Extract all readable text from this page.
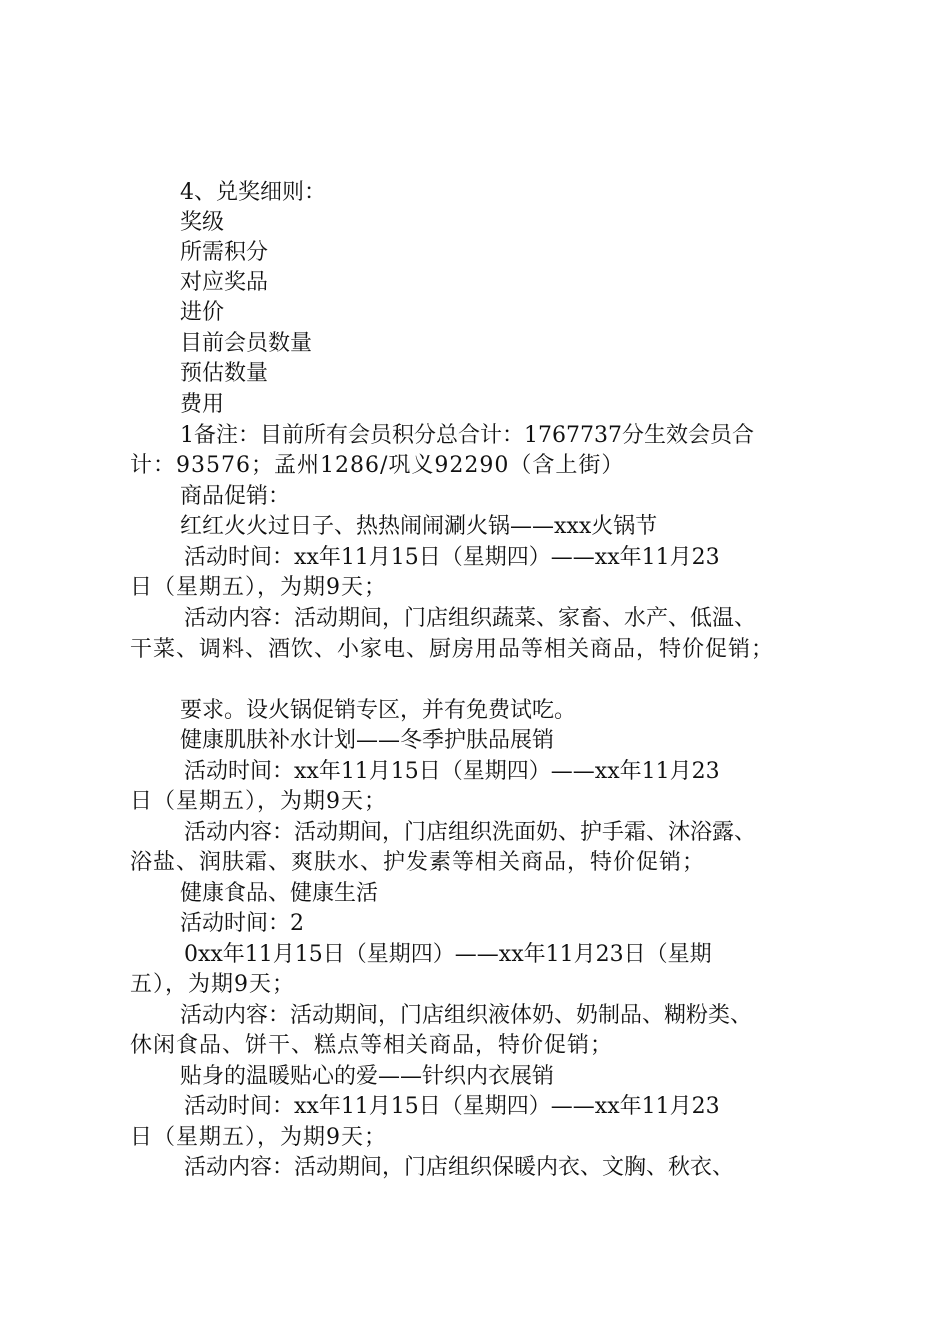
4、兑奖细则：

奖级

所需积分

对应奖品

进价

目前会员数量

预估数量

费用

1备注：目前所有会员积分总合计：1767737分生效会员合

计：93576；孟州1286/巩义92290（含上街）

商品促销：

红红火火过日子、热热闹闹涮火锅——xxx火锅节

活动时间：xx年11月15日（星期四）——xx年11月23

日（星期五），为期9天；

活动内容：活动期间，门店组织蔬菜、家畜、水产、低温、

干菜、调料、酒饮、小家电、厨房用品等相关商品，特价促销；

要求。设火锅促销专区，并有免费试吃。

健康肌肤补水计划——冬季护肤品展销

活动时间：xx年11月15日（星期四）——xx年11月23

日（星期五），为期9天；

活动内容：活动期间，门店组织洗面奶、护手霜、沐浴露、

浴盐、润肤霜、爽肤水、护发素等相关商品，特价促销；

健康食品、健康生活

活动时间：2

0xx年11月15日（星期四）——xx年11月23日（星期

五），为期9天；

活动内容：活动期间，门店组织液体奶、奶制品、糊粉类、

休闲食品、饼干、糕点等相关商品，特价促销；

贴身的温暖贴心的爱——针织内衣展销

活动时间：xx年11月15日（星期四）——xx年11月23

日（星期五），为期9天；

活动内容：活动期间，门店组织保暖内衣、文胸、秋衣、
